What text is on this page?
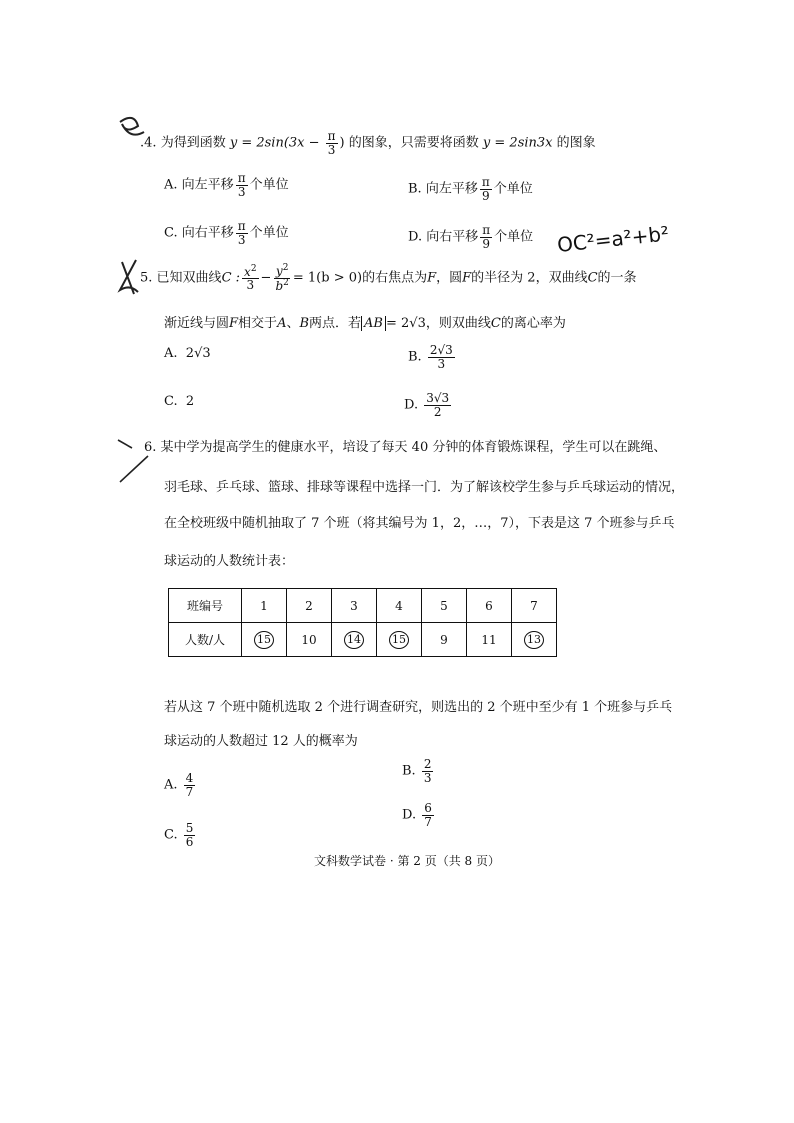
OC²=a²+b²
.4. 为得到函数 $y = 2\sin(3x - \frac{\pi}{3}$ ) 的图象，只需要将函数 y = 2sin3x 的图象
A. 向左平移 $\frac{\pi}{3}$ 个单位	B. 向左平移 $\frac{\pi}{9}$ 个单位
C. 向右平移 $\frac{\pi}{3}$ 个单位	D. 向右平移 $\frac{\pi}{9}$ 个单位
5. 已知双曲线C : $\frac{x^2}{3} - \frac{y^2}{b^2} = 1(b > 0)$的右焦点为F，圆F的半径为 2，双曲线C的一条
渐近线与圆F相交于A、B两点．若 AB = 2√3，则双曲线C的离心率为
A. 2√3	B. $\frac{2√3}{3}$
C. 2	D. $\frac{3√3}{2}$
6. 某中学为提高学生的健康水平，培设了每天 40 分钟的体育锻炼课程，学生可以在跳绳、
羽毛球、乒乓球、篮球、排球等课程中选择一门．为了解该校学生参与乒乓球运动的情况，
在全校班级中随机抽取了 7 个班（将其编号为 1，2，…，7），下表是这 7 个班参与乒乓
球运动的人数统计表：
班编号	1	2	3	4	5	6	7
人数/人	15	10	14	15	9	11	13
若从这 7 个班中随机选取 2 个进行调查研究，则选出的 2 个班中至少有 1 个班参与乒乓
球运动的人数超过 12 人的概率为
A. $\frac{4}{7}$
B. $\frac{2}{3}$
C. $\frac{5}{6}$
D. $\frac{6}{7}$
文科数学试卷 · 第 2 页（共 8 页）
